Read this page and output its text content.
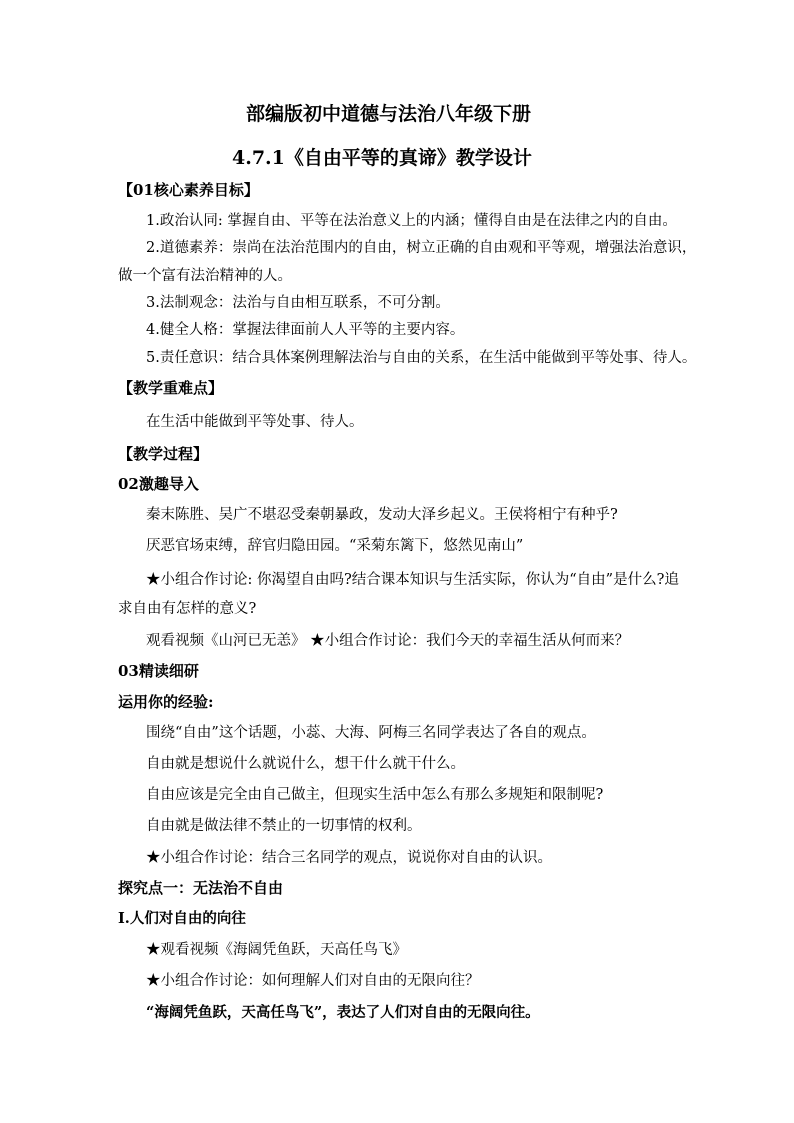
部编版初中道德与法治八年级下册
4.7.1《自由平等的真谛》教学设计
【01核心素养目标】
1.政治认同: 掌握自由、平等在法治意义上的内涵；懂得自由是在法律之内的自由。
2.道德素养：崇尚在法治范围内的自由，树立正确的自由观和平等观，增强法治意识，
做一个富有法治精神的人。
3.法制观念：法治与自由相互联系，不可分割。
4.健全人格：掌握法律面前人人平等的主要内容。
5.责任意识：结合具体案例理解法治与自由的关系，在生活中能做到平等处事、待人。
【教学重难点】
在生活中能做到平等处事、待人。
【教学过程】
02激趣导入
秦末陈胜、吴广不堪忍受秦朝暴政，发动大泽乡起义。王侯将相宁有种乎?
厌恶官场束缚，辞官归隐田园。“采菊东篱下，悠然见南山”
★小组合作讨论: 你渴望自由吗?结合课本知识与生活实际，你认为“自由”是什么?追
求自由有怎样的意义?
观看视频《山河已无恙》 ★小组合作讨论：我们今天的幸福生活从何而来？
03精读细研
运用你的经验:
围绕“自由”这个话题，小蕊、大海、阿梅三名同学表达了各自的观点。
自由就是想说什么就说什么，想干什么就干什么。
自由应该是完全由自己做主，但现实生活中怎么有那么多规矩和限制呢?
自由就是做法律不禁止的一切事情的权利。
★小组合作讨论：结合三名同学的观点，说说你对自由的认识。
探究点一：无法治不自由
Ⅰ.人们对自由的向往
★观看视频《海阔凭鱼跃，天高任鸟飞》
★小组合作讨论：如何理解人们对自由的无限向往？
“海阔凭鱼跃，天高任鸟飞”，表达了人们对自由的无限向往。
